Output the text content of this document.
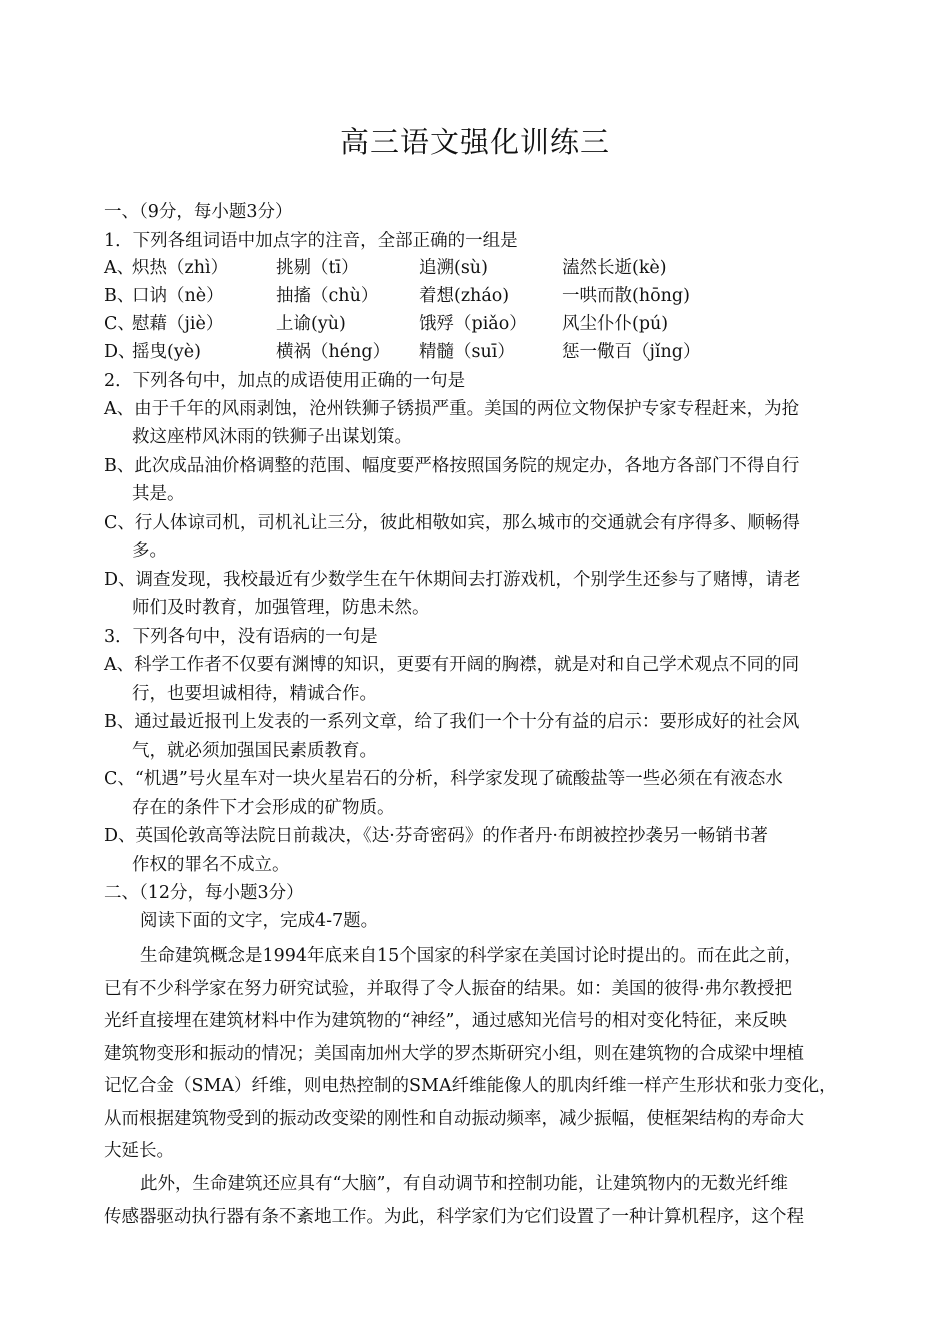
高三语文强化训练三
一、（9分，每小题3分）
1．下列各组词语中加点字的注音，全部正确的一组是
A、
炽热（zhì）	挑剔（tī）	追溯(sù)	溘然长逝(kè)
B、
口讷（nè）	抽搐（chù） 着想(zháo)	一哄而散(hōng)
C、
慰藉（jiè）	上谕(yù)	饿殍（piǎo） 风尘仆仆(pú)
D、
摇曳(yè)	横祸（héng） 精髓（suī）	惩一儆百（jǐng）
2．下列各句中，加点的成语使用正确的一句是
A、由于千年的风雨剥蚀，沧州铁狮子锈损严重。美国的两位文物保护专家专程赶来，为抢
救这座栉风沐雨的铁狮子出谋划策。
B、此次成品油价格调整的范围、幅度要严格按照国务院的规定办，各地方各部门不得自行
其是。
C、行人体谅司机，司机礼让三分，彼此相敬如宾，那么城市的交通就会有序得多、顺畅得
多。
D、调查发现，我校最近有少数学生在午休期间去打游戏机，个别学生还参与了赌博，请老
师们及时教育，加强管理，防患未然。
3．下列各句中，没有语病的一句是
A、科学工作者不仅要有渊博的知识，更要有开阔的胸襟，就是对和自己学术观点不同的同
行，也要坦诚相待，精诚合作。
B、通过最近报刊上发表的一系列文章，给了我们一个十分有益的启示：要形成好的社会风
气，就必须加强国民素质教育。
C、“机遇”号火星车对一块火星岩石的分析，科学家发现了硫酸盐等一些必须在有液态水
存在的条件下才会形成的矿物质。
D、英国伦敦高等法院日前裁决，《达·芬奇密码》的作者丹·布朗被控抄袭另一畅销书著
作权的罪名不成立。
二、（12分，每小题3分）
阅读下面的文字，完成4-7题。
生命建筑概念是1994年底来自15个国家的科学家在美国讨论时提出的。而在此之前，
已有不少科学家在努力研究试验，并取得了令人振奋的结果。如：美国的彼得·弗尔教授把
光纤直接埋在建筑材料中作为建筑物的“神经”，通过感知光信号的相对变化特征，来反映
建筑物变形和振动的情况；美国南加州大学的罗杰斯研究小组，则在建筑物的合成梁中埋植
记忆合金（SMA）纤维，则电热控制的SMA纤维能像人的肌肉纤维一样产生形状和张力变化，
从而根据建筑物受到的振动改变梁的刚性和自动振动频率，减少振幅，使框架结构的寿命大
大延长。
此外，生命建筑还应具有“大脑”，有自动调节和控制功能，让建筑物内的无数光纤维
传感器驱动执行器有条不紊地工作。为此，科学家们为它们设置了一种计算机程序，这个程
